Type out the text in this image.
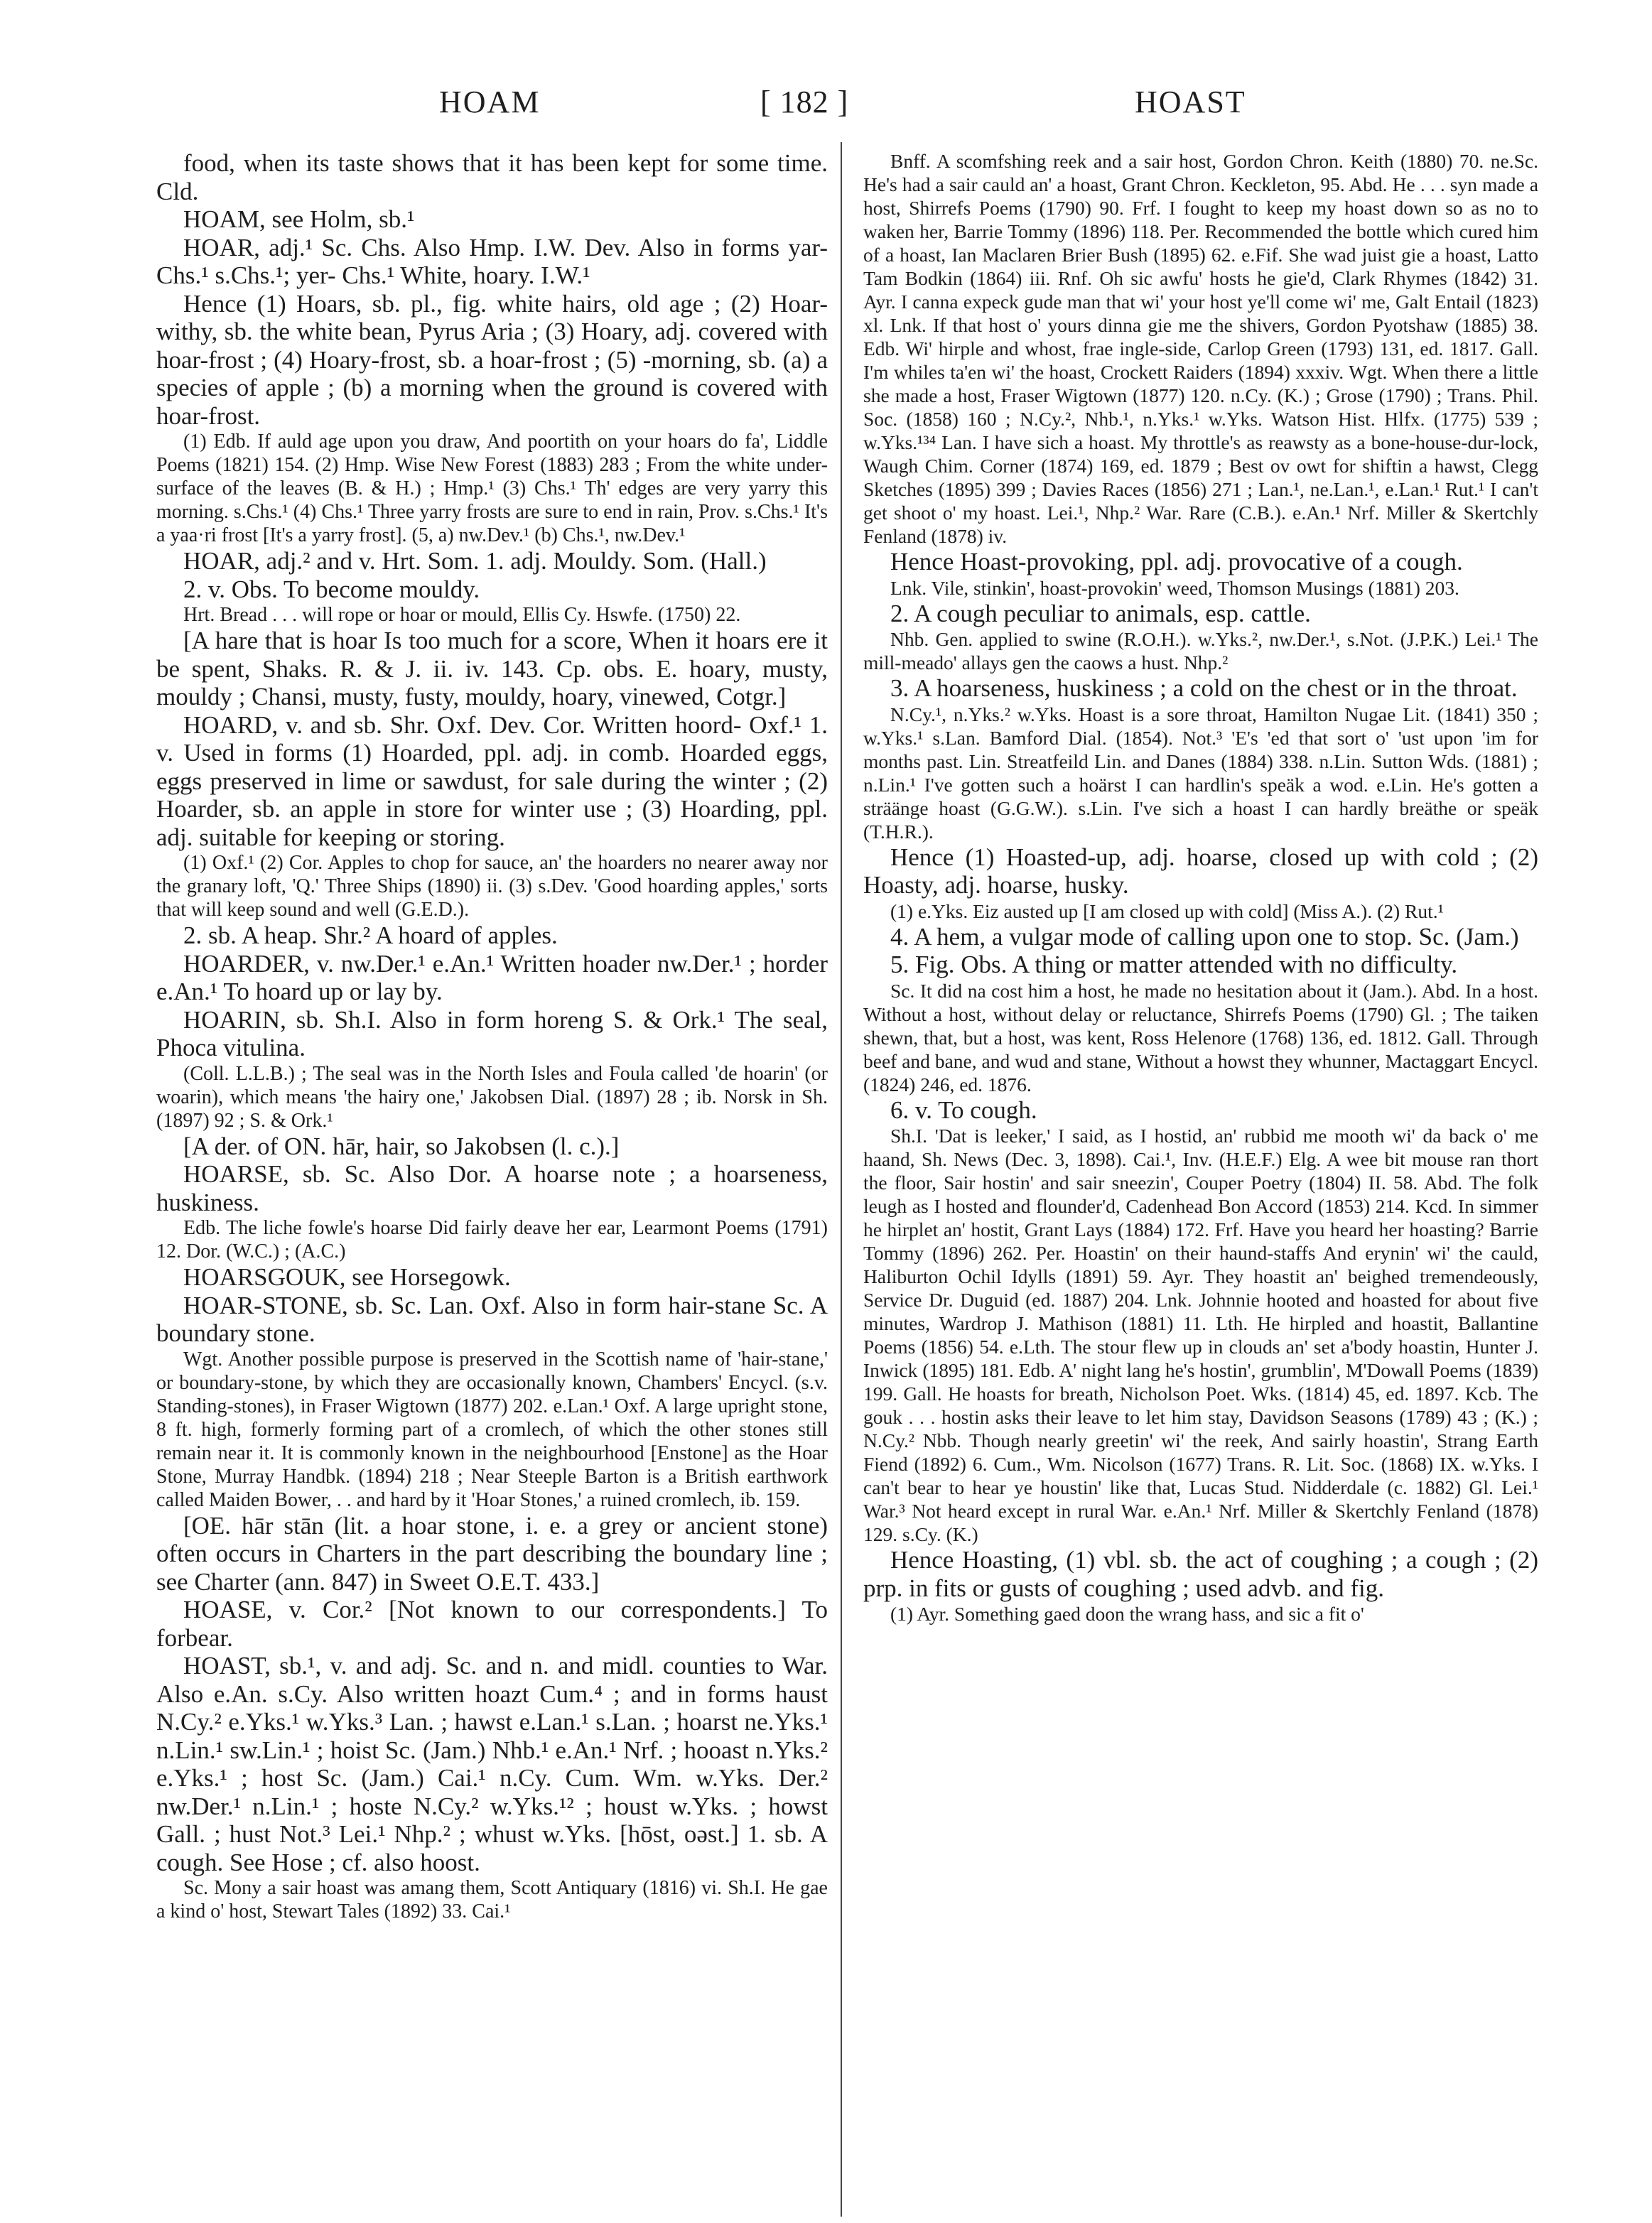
HOAM	[ 182 ]	HOAST

food, when its taste shows that it has been kept for some time. Cld.

HOAM, see Holm, sb.¹

HOAR, adj.¹ Sc. Chs. Also Hmp. I.W. Dev. Also in forms yar- Chs.¹ s.Chs.¹; yer- Chs.¹ White, hoary. I.W.¹

Hence (1) Hoars, sb. pl., fig. white hairs, old age ; (2) Hoar-withy, sb. the white bean, Pyrus Aria ; (3) Hoary, adj. covered with hoar-frost ; (4) Hoary-frost, sb. a hoar-frost ; (5) -morning, sb. (a) a species of apple ; (b) a morning when the ground is covered with hoar-frost.

(1) Edb. If auld age upon you draw, And poortith on your hoars do fa', Liddle Poems (1821) 154. (2) Hmp. Wise New Forest (1883) 283 ; From the white under-surface of the leaves (B. & H.) ; Hmp.¹ (3) Chs.¹ Th' edges are very yarry this morning. s.Chs.¹ (4) Chs.¹ Three yarry frosts are sure to end in rain, Prov. s.Chs.¹ It's a yaa·ri frost [It's a yarry frost]. (5, a) nw.Dev.¹ (b) Chs.¹, nw.Dev.¹

HOAR, adj.² and v. Hrt. Som. 1. adj. Mouldy. Som. (Hall.)

2. v. Obs. To become mouldy.

Hrt. Bread . . . will rope or hoar or mould, Ellis Cy. Hswfe. (1750) 22.

[A hare that is hoar Is too much for a score, When it hoars ere it be spent, Shaks. R. & J. ii. iv. 143. Cp. obs. E. hoary, musty, mouldy ; Chansi, musty, fusty, mouldy, hoary, vinewed, Cotgr.]

HOARD, v. and sb. Shr. Oxf. Dev. Cor. Written hoord- Oxf.¹ 1. v. Used in forms (1) Hoarded, ppl. adj. in comb. Hoarded eggs, eggs preserved in lime or sawdust, for sale during the winter ; (2) Hoarder, sb. an apple in store for winter use ; (3) Hoarding, ppl. adj. suitable for keeping or storing.

(1) Oxf.¹ (2) Cor. Apples to chop for sauce, an' the hoarders no nearer away nor the granary loft, 'Q.' Three Ships (1890) ii. (3) s.Dev. 'Good hoarding apples,' sorts that will keep sound and well (G.E.D.).

2. sb. A heap. Shr.² A hoard of apples.

HOARDER, v. nw.Der.¹ e.An.¹ Written hoader nw.Der.¹ ; horder e.An.¹ To hoard up or lay by.

HOARIN, sb. Sh.I. Also in form horeng S. & Ork.¹ The seal, Phoca vitulina.

(Coll. L.L.B.) ; The seal was in the North Isles and Foula called 'de hoarin' (or woarin), which means 'the hairy one,' Jakobsen Dial. (1897) 28 ; ib. Norsk in Sh. (1897) 92 ; S. & Ork.¹

[A der. of ON. hār, hair, so Jakobsen (l. c.).]

HOARSE, sb. Sc. Also Dor. A hoarse note ; a hoarseness, huskiness.

Edb. The liche fowle's hoarse Did fairly deave her ear, Learmont Poems (1791) 12. Dor. (W.C.) ; (A.C.)

HOARSGOUK, see Horsegowk.

HOAR-STONE, sb. Sc. Lan. Oxf. Also in form hair-stane Sc. A boundary stone.

Wgt. Another possible purpose is preserved in the Scottish name of 'hair-stane,' or boundary-stone, by which they are occasionally known, Chambers' Encycl. (s.v. Standing-stones), in Fraser Wigtown (1877) 202. e.Lan.¹ Oxf. A large upright stone, 8 ft. high, formerly forming part of a cromlech, of which the other stones still remain near it. It is commonly known in the neighbourhood [Enstone] as the Hoar Stone, Murray Handbk. (1894) 218 ; Near Steeple Barton is a British earthwork called Maiden Bower, . . and hard by it 'Hoar Stones,' a ruined cromlech, ib. 159.

[OE. hār stān (lit. a hoar stone, i. e. a grey or ancient stone) often occurs in Charters in the part describing the boundary line ; see Charter (ann. 847) in Sweet O.E.T. 433.]

HOASE, v. Cor.² [Not known to our correspondents.] To forbear.

HOAST, sb.¹, v. and adj. Sc. and n. and midl. counties to War. Also e.An. s.Cy. Also written hoazt Cum.⁴ ; and in forms haust N.Cy.² e.Yks.¹ w.Yks.³ Lan. ; hawst e.Lan.¹ s.Lan. ; hoarst ne.Yks.¹ n.Lin.¹ sw.Lin.¹ ; hoist Sc. (Jam.) Nhb.¹ e.An.¹ Nrf. ; hooast n.Yks.² e.Yks.¹ ; host Sc. (Jam.) Cai.¹ n.Cy. Cum. Wm. w.Yks. Der.² nw.Der.¹ n.Lin.¹ ; hoste N.Cy.² w.Yks.¹² ; houst w.Yks. ; howst Gall. ; hust Not.³ Lei.¹ Nhp.² ; whust w.Yks. [hōst, oəst.] 1. sb. A cough. See Hose ; cf. also hoost.

Sc. Mony a sair hoast was amang them, Scott Antiquary (1816) vi. Sh.I. He gae a kind o' host, Stewart Tales (1892) 33. Cai.¹

Bnff. A scomfshing reek and a sair host, Gordon Chron. Keith (1880) 70. ne.Sc. He's had a sair cauld an' a hoast, Grant Chron. Keckleton, 95. Abd. He . . . syn made a host, Shirrefs Poems (1790) 90. Frf. I fought to keep my hoast down so as no to waken her, Barrie Tommy (1896) 118. Per. Recommended the bottle which cured him of a hoast, Ian Maclaren Brier Bush (1895) 62. e.Fif. She wad juist gie a hoast, Latto Tam Bodkin (1864) iii. Rnf. Oh sic awfu' hosts he gie'd, Clark Rhymes (1842) 31. Ayr. I canna expeck gude man that wi' your host ye'll come wi' me, Galt Entail (1823) xl. Lnk. If that host o' yours dinna gie me the shivers, Gordon Pyotshaw (1885) 38. Edb. Wi' hirple and whost, frae ingle-side, Carlop Green (1793) 131, ed. 1817. Gall. I'm whiles ta'en wi' the hoast, Crockett Raiders (1894) xxxiv. Wgt. When there a little she made a host, Fraser Wigtown (1877) 120. n.Cy. (K.) ; Grose (1790) ; Trans. Phil. Soc. (1858) 160 ; N.Cy.², Nhb.¹, n.Yks.¹ w.Yks. Watson Hist. Hlfx. (1775) 539 ; w.Yks.¹³⁴ Lan. I have sich a hoast. My throttle's as reawsty as a bone-house-dur-lock, Waugh Chim. Corner (1874) 169, ed. 1879 ; Best ov owt for shiftin a hawst, Clegg Sketches (1895) 399 ; Davies Races (1856) 271 ; Lan.¹, ne.Lan.¹, e.Lan.¹ Rut.¹ I can't get shoot o' my hoast. Lei.¹, Nhp.² War. Rare (C.B.). e.An.¹ Nrf. Miller & Skertchly Fenland (1878) iv.

Hence Hoast-provoking, ppl. adj. provocative of a cough.

Lnk. Vile, stinkin', hoast-provokin' weed, Thomson Musings (1881) 203.

2. A cough peculiar to animals, esp. cattle.

Nhb. Gen. applied to swine (R.O.H.). w.Yks.², nw.Der.¹, s.Not. (J.P.K.) Lei.¹ The mill-meado' allays gen the caows a hust. Nhp.²

3. A hoarseness, huskiness ; a cold on the chest or in the throat.

N.Cy.¹, n.Yks.² w.Yks. Hoast is a sore throat, Hamilton Nugae Lit. (1841) 350 ; w.Yks.¹ s.Lan. Bamford Dial. (1854). Not.³ 'E's 'ed that sort o' 'ust upon 'im for months past. Lin. Streatfeild Lin. and Danes (1884) 338. n.Lin. Sutton Wds. (1881) ; n.Lin.¹ I've gotten such a hoärst I can hardlin's speäk a wod. e.Lin. He's gotten a sträänge hoast (G.G.W.). s.Lin. I've sich a hoast I can hardly breäthe or speäk (T.H.R.).

Hence (1) Hoasted-up, adj. hoarse, closed up with cold ; (2) Hoasty, adj. hoarse, husky.

(1) e.Yks. Eiz austed up [I am closed up with cold] (Miss A.). (2) Rut.¹

4. A hem, a vulgar mode of calling upon one to stop. Sc. (Jam.)

5. Fig. Obs. A thing or matter attended with no difficulty.

Sc. It did na cost him a host, he made no hesitation about it (Jam.). Abd. In a host. Without a host, without delay or reluctance, Shirrefs Poems (1790) Gl. ; The taiken shewn, that, but a host, was kent, Ross Helenore (1768) 136, ed. 1812. Gall. Through beef and bane, and wud and stane, Without a howst they whunner, Mactaggart Encycl. (1824) 246, ed. 1876.

6. v. To cough.

Sh.I. 'Dat is leeker,' I said, as I hostid, an' rubbid me mooth wi' da back o' me haand, Sh. News (Dec. 3, 1898). Cai.¹, Inv. (H.E.F.) Elg. A wee bit mouse ran thort the floor, Sair hostin' and sair sneezin', Couper Poetry (1804) II. 58. Abd. The folk leugh as I hosted and flounder'd, Cadenhead Bon Accord (1853) 214. Kcd. In simmer he hirplet an' hostit, Grant Lays (1884) 172. Frf. Have you heard her hoasting? Barrie Tommy (1896) 262. Per. Hoastin' on their haund-staffs And erynin' wi' the cauld, Haliburton Ochil Idylls (1891) 59. Ayr. They hoastit an' beighed tremendeously, Service Dr. Duguid (ed. 1887) 204. Lnk. Johnnie hooted and hoasted for about five minutes, Wardrop J. Mathison (1881) 11. Lth. He hirpled and hoastit, Ballantine Poems (1856) 54. e.Lth. The stour flew up in clouds an' set a'body hoastin, Hunter J. Inwick (1895) 181. Edb. A' night lang he's hostin', grumblin', M'Dowall Poems (1839) 199. Gall. He hoasts for breath, Nicholson Poet. Wks. (1814) 45, ed. 1897. Kcb. The gouk . . . hostin asks their leave to let him stay, Davidson Seasons (1789) 43 ; (K.) ; N.Cy.² Nbb. Though nearly greetin' wi' the reek, And sairly hoastin', Strang Earth Fiend (1892) 6. Cum., Wm. Nicolson (1677) Trans. R. Lit. Soc. (1868) IX. w.Yks. I can't bear to hear ye houstin' like that, Lucas Stud. Nidderdale (c. 1882) Gl. Lei.¹ War.³ Not heard except in rural War. e.An.¹ Nrf. Miller & Skertchly Fenland (1878) 129. s.Cy. (K.)

Hence Hoasting, (1) vbl. sb. the act of coughing ; a cough ; (2) prp. in fits or gusts of coughing ; used advb. and fig.

(1) Ayr. Something gaed doon the wrang hass, and sic a fit o'
